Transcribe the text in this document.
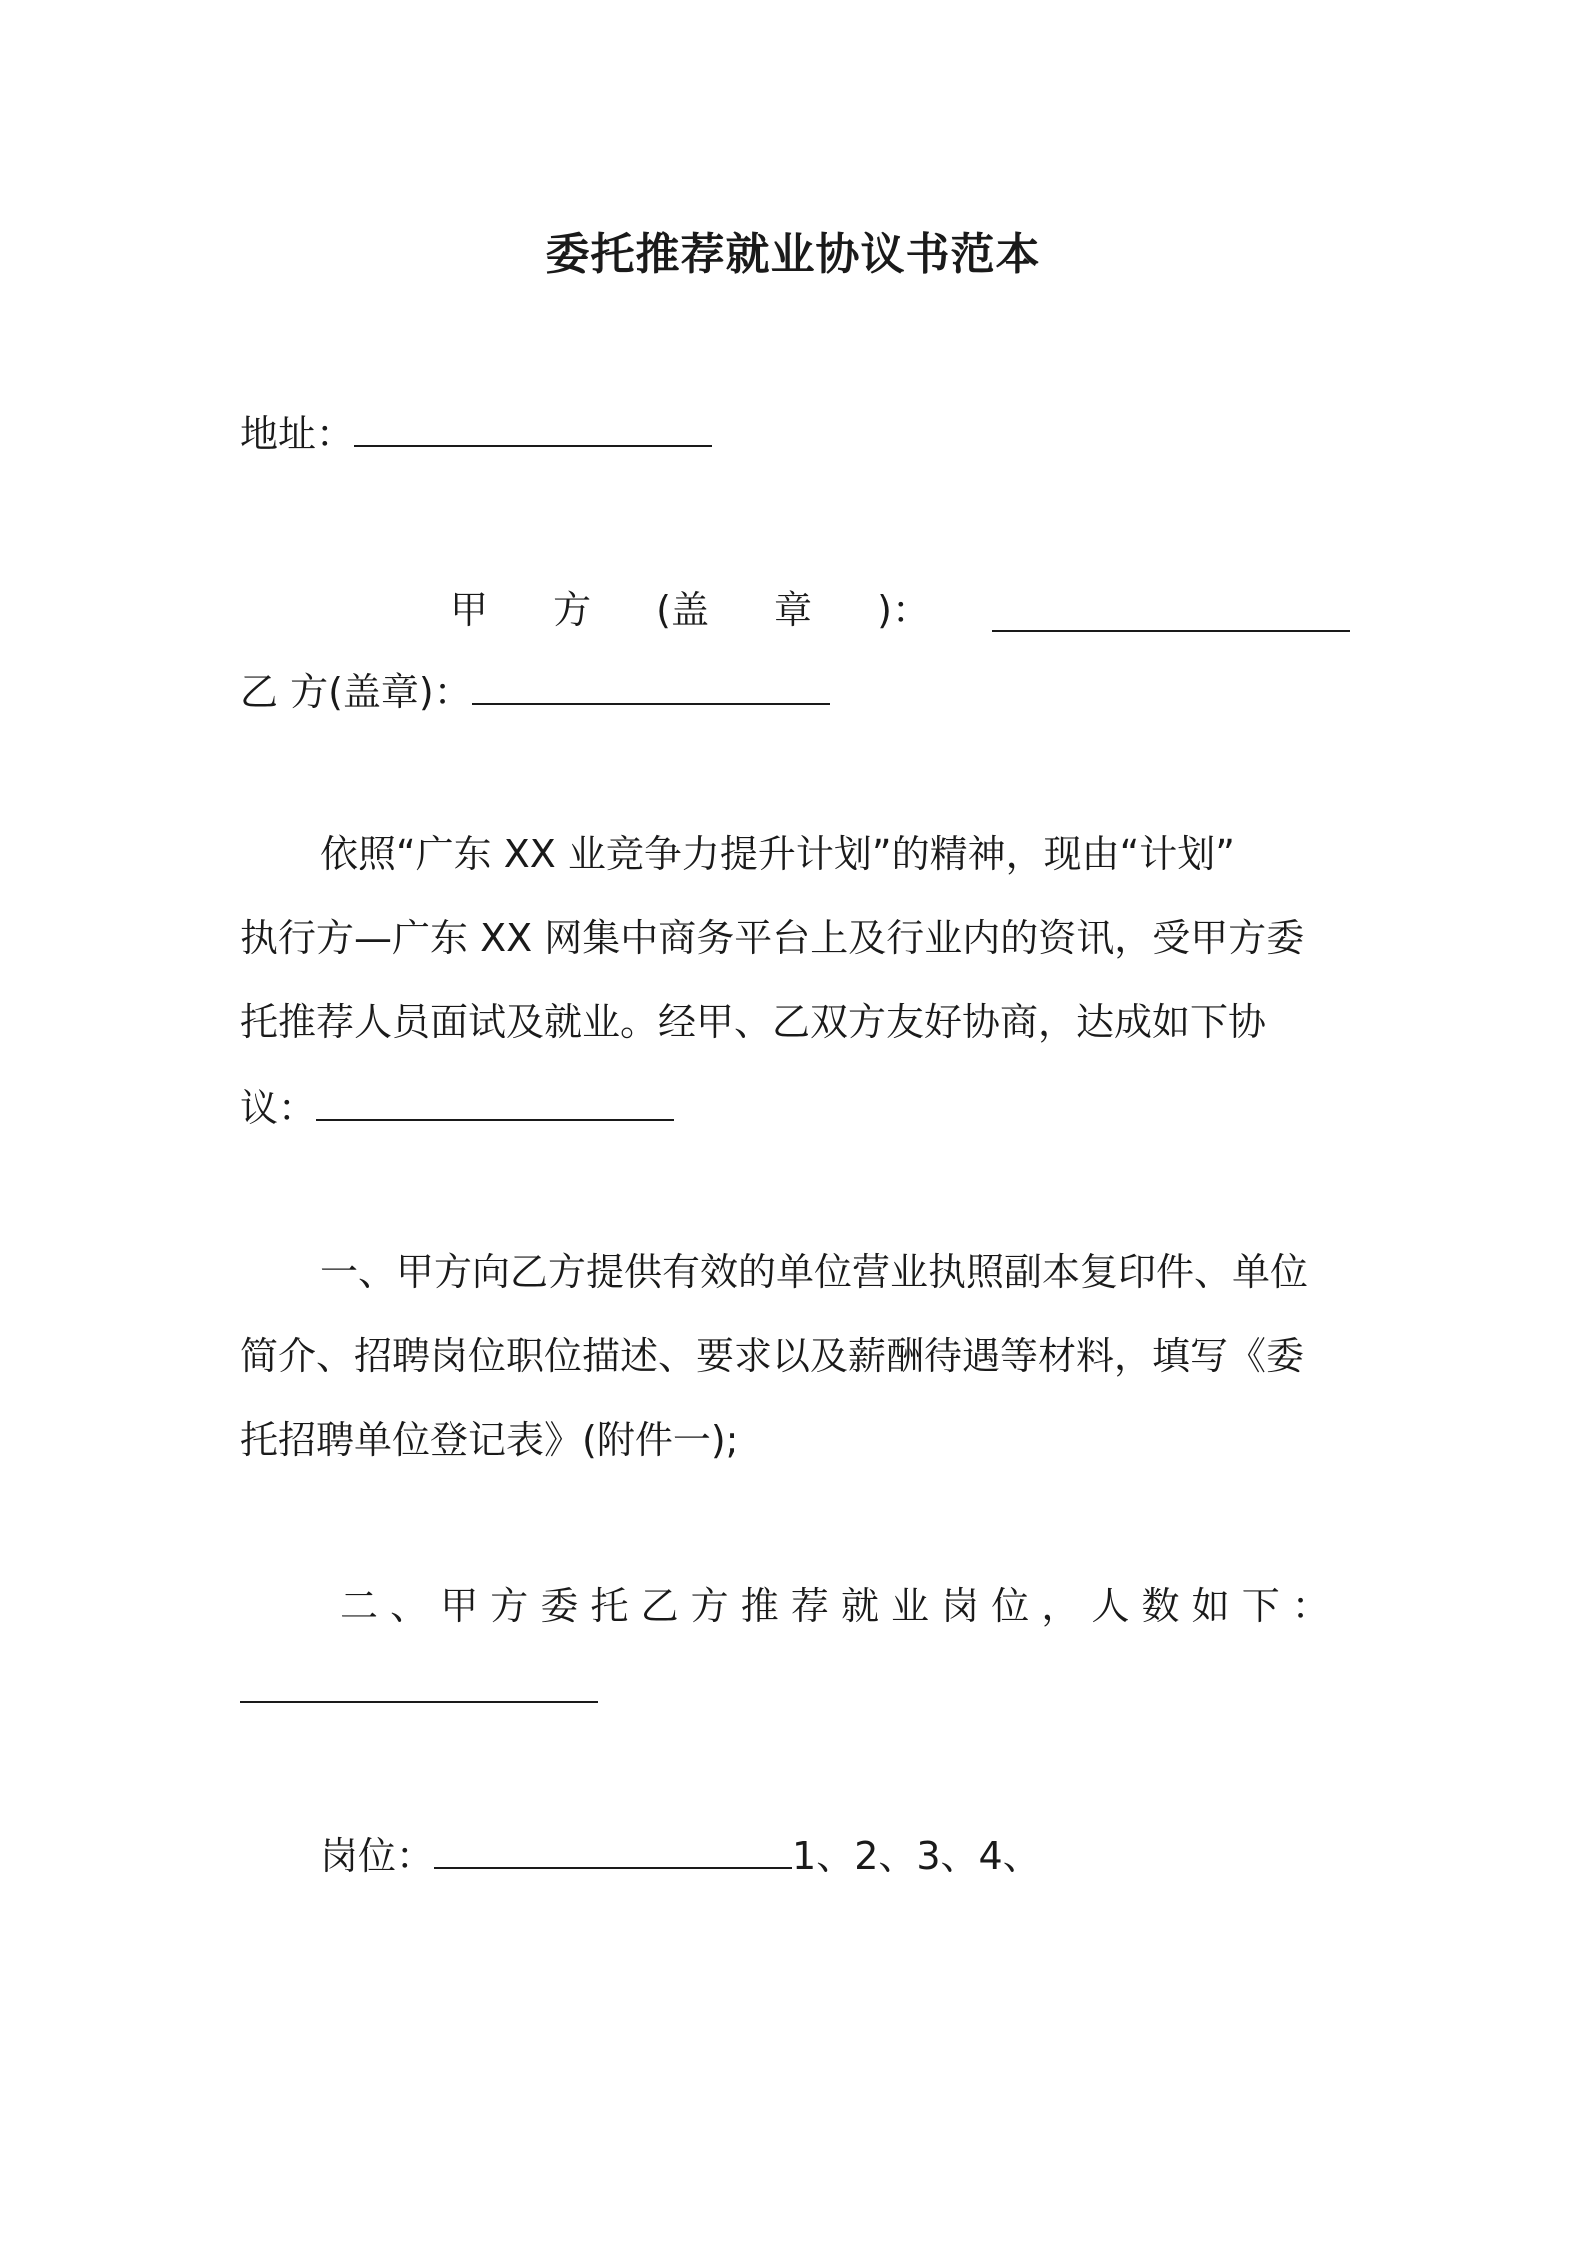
委托推荐就业协议书范本
地址：
甲 方 (盖 章 )：
乙 方(盖章)：
依照“广东 XX 业竞争力提升计划”的精神，现由“计划”
执行方—广东 XX 网集中商务平台上及行业内的资讯，受甲方委
托推荐人员面试及就业。经甲、乙双方友好协商，达成如下协
议：
一、甲方向乙方提供有效的单位营业执照副本复印件、单位
简介、招聘岗位职位描述、要求以及薪酬待遇等材料，填写《委
托招聘单位登记表》(附件一);
二 、 甲 方 委 托 乙 方 推 荐 就 业 岗 位 ， 人 数 如 下 ：
岗位：	1、2、3、4、
